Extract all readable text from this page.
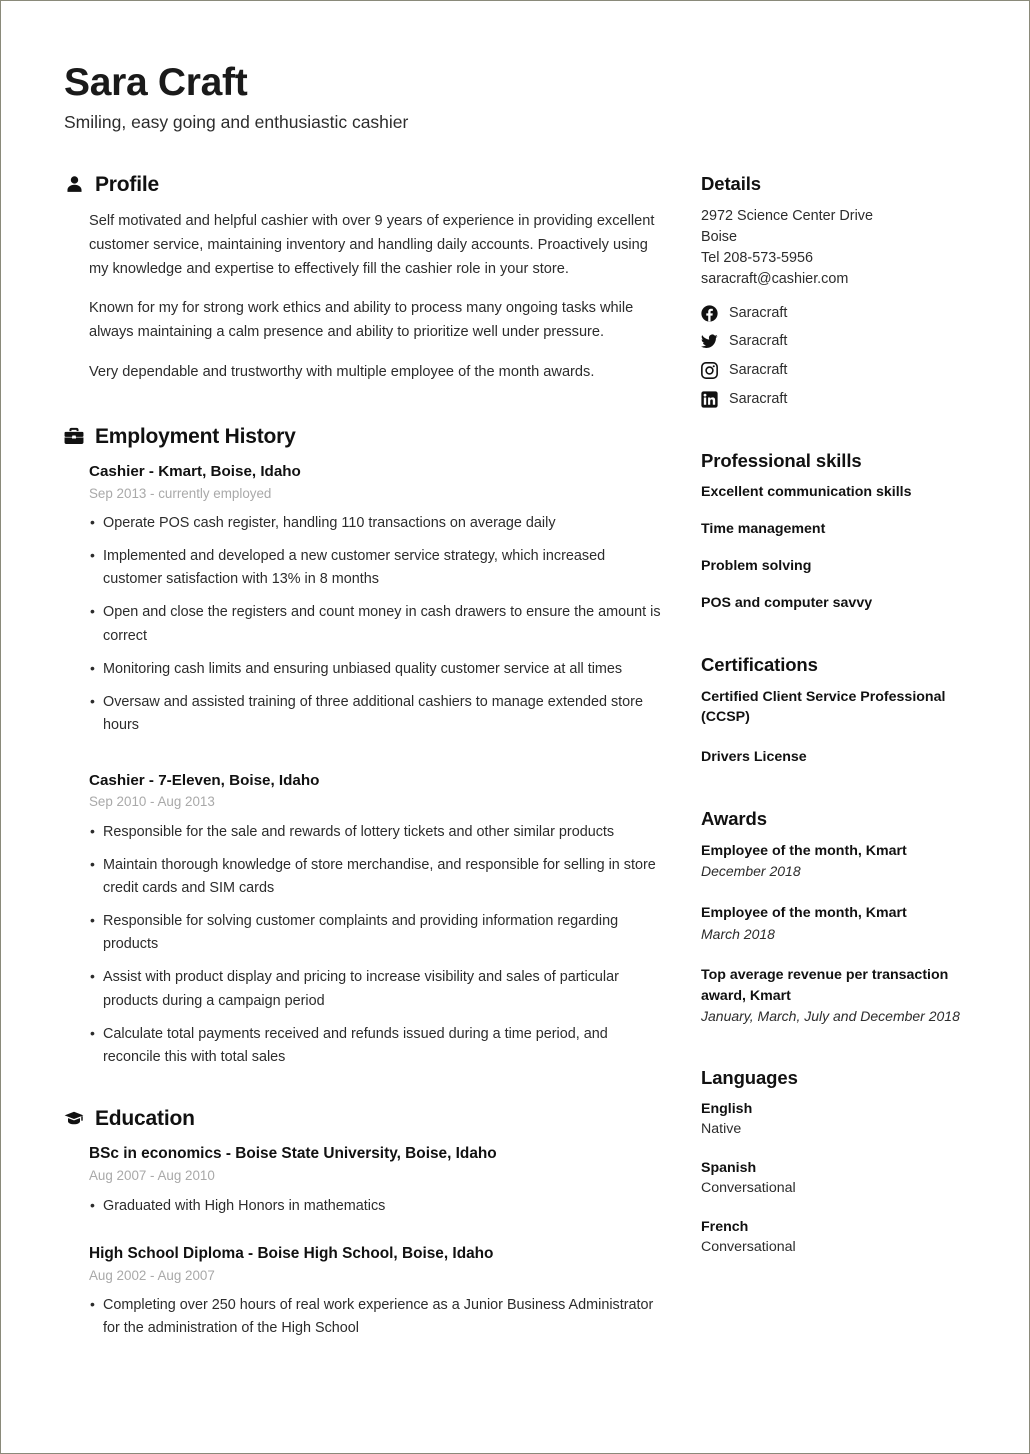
Sara Craft

Smiling, easy going and enthusiastic cashier

Profile

Self motivated and helpful cashier with over 9 years of experience in providing excellent customer service, maintaining inventory and handling daily accounts. Proactively using my knowledge and expertise to effectively fill the cashier role in your store.

Known for my for strong work ethics and ability to process many ongoing tasks while always maintaining a calm presence and ability to prioritize well under pressure.

Very dependable and trustworthy with multiple employee of the month awards.

Employment History
Cashier - Kmart, Boise, Idaho

Sep 2013 - currently employed

• Operate POS cash register, handling 110 transactions on average daily
• Implemented and developed a new customer service strategy, which increased customer satisfaction with 13% in 8 months
• Open and close the registers and count money in cash drawers to ensure the amount is correct
• Monitoring cash limits and ensuring unbiased quality customer service at all times
• Oversaw and assisted training of three additional cashiers to manage extended store hours
Cashier - 7-Eleven, Boise, Idaho

Sep 2010 - Aug 2013

• Responsible for the sale and rewards of lottery tickets and other similar products
• Maintain thorough knowledge of store merchandise, and responsible for selling in store credit cards and SIM cards
• Responsible for solving customer complaints and providing information regarding products
• Assist with product display and pricing to increase visibility and sales of particular products during a campaign period
• Calculate total payments received and refunds issued during a time period, and reconcile this with total sales
Education
BSc in economics - Boise State University, Boise, Idaho

Aug 2007 - Aug 2010

• Graduated with High Honors in mathematics
High School Diploma - Boise High School, Boise, Idaho

Aug 2002 - Aug 2007

• Completing over 250 hours of real work experience as a Junior Business Administrator for the administration of the High School
Details
2972 Science Center Drive
Boise
Tel 208-573-5956
saracraft@cashier.com
Saracraft
Saracraft
Saracraft
Saracraft
Professional skills
Excellent communication skills
Time management
Problem solving
POS and computer savvy
Certifications
Certified Client Service Professional (CCSP)
Drivers License
Awards

Employee of the month, Kmart

December 2018

Employee of the month, Kmart

March 2018

Top average revenue per transaction award, Kmart

January, March, July and December 2018

Languages

English

Native

Spanish

Conversational

French

Conversational
